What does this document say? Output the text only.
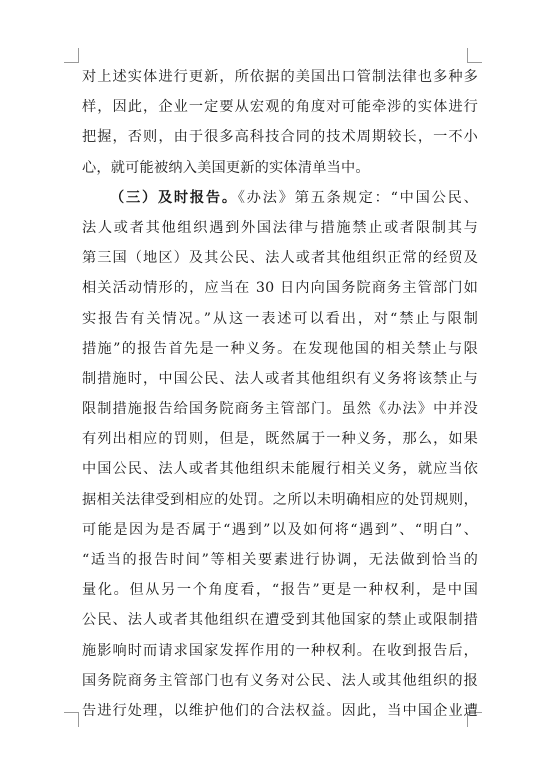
对上述实体进行更新，所依据的美国出口管制法律也多种多
样，因此，企业一定要从宏观的角度对可能牵涉的实体进行
把握，否则，由于很多高科技合同的技术周期较长，一不小
心，就可能被纳入美国更新的实体清单当中。
（三）及时报告。《办法》第五条规定：“中国公民、
法人或者其他组织遇到外国法律与措施禁止或者限制其与
第三国（地区）及其公民、法人或者其他组织正常的经贸及
相关活动情形的，应当在 30 日内向国务院商务主管部门如
实报告有关情况。”从这一表述可以看出，对“禁止与限制
措施”的报告首先是一种义务。在发现他国的相关禁止与限
制措施时，中国公民、法人或者其他组织有义务将该禁止与
限制措施报告给国务院商务主管部门。虽然《办法》中并没
有列出相应的罚则，但是，既然属于一种义务，那么，如果
中国公民、法人或者其他组织未能履行相关义务，就应当依
据相关法律受到相应的处罚。之所以未明确相应的处罚规则，
可能是因为是否属于“遇到”以及如何将“遇到”、“明白”、
“适当的报告时间”等相关要素进行协调，无法做到恰当的
量化。但从另一个角度看，“报告”更是一种权利，是中国
公民、法人或者其他组织在遭受到其他国家的禁止或限制措
施影响时而请求国家发挥作用的一种权利。在收到报告后，
国务院商务主管部门也有义务对公民、法人或其他组织的报
告进行处理，以维护他们的合法权益。因此，当中国企业遭
